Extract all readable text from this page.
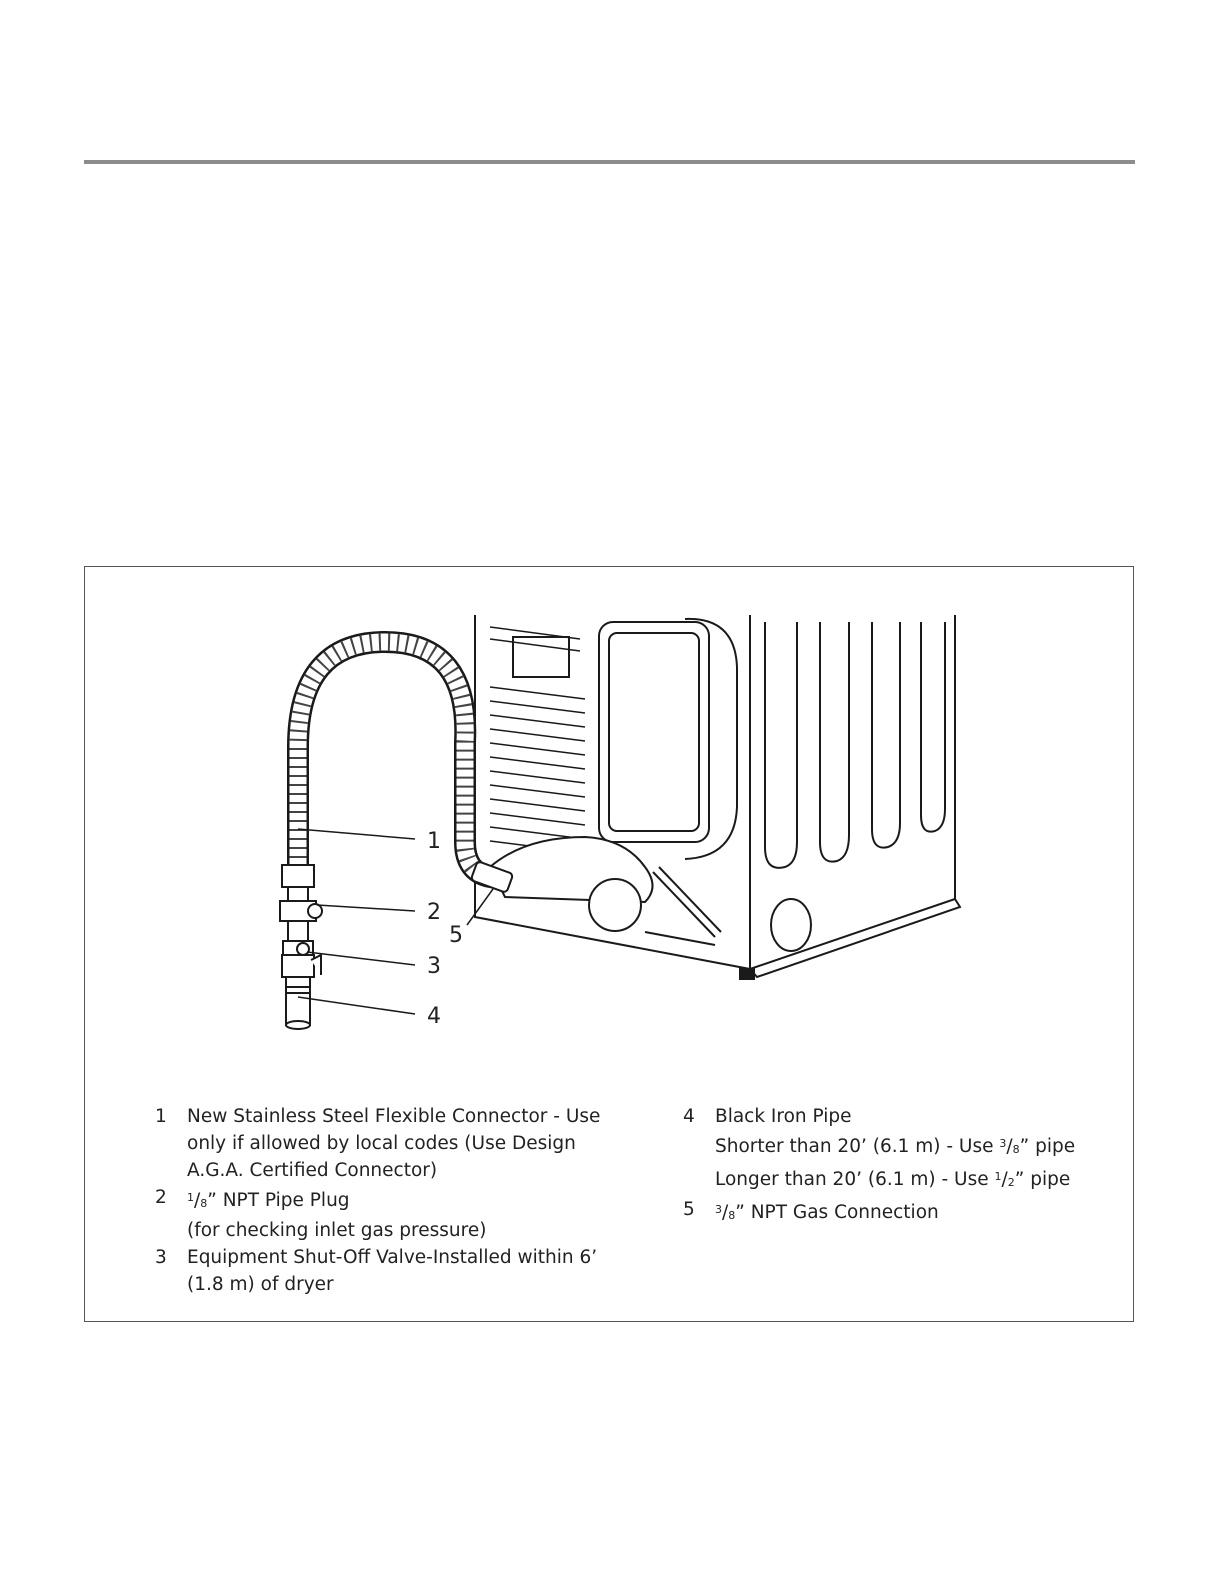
1
2
3
4
5
1	New Stainless Steel Flexible Connector - Use
only if allowed by local codes (Use Design
A.G.A. Certified Connector)
2	$^1/_8$” NPT Pipe Plug
(for checking inlet gas pressure)
3	Equipment Shut-Off Valve-Installed within 6’
(1.8 m) of dryer
4	Black Iron Pipe
Shorter than 20’ (6.1 m) - Use $^3/_8$” pipe
Longer than 20’ (6.1 m) - Use $^1/_2$” pipe
5	$^3/_8$” NPT Gas Connection
